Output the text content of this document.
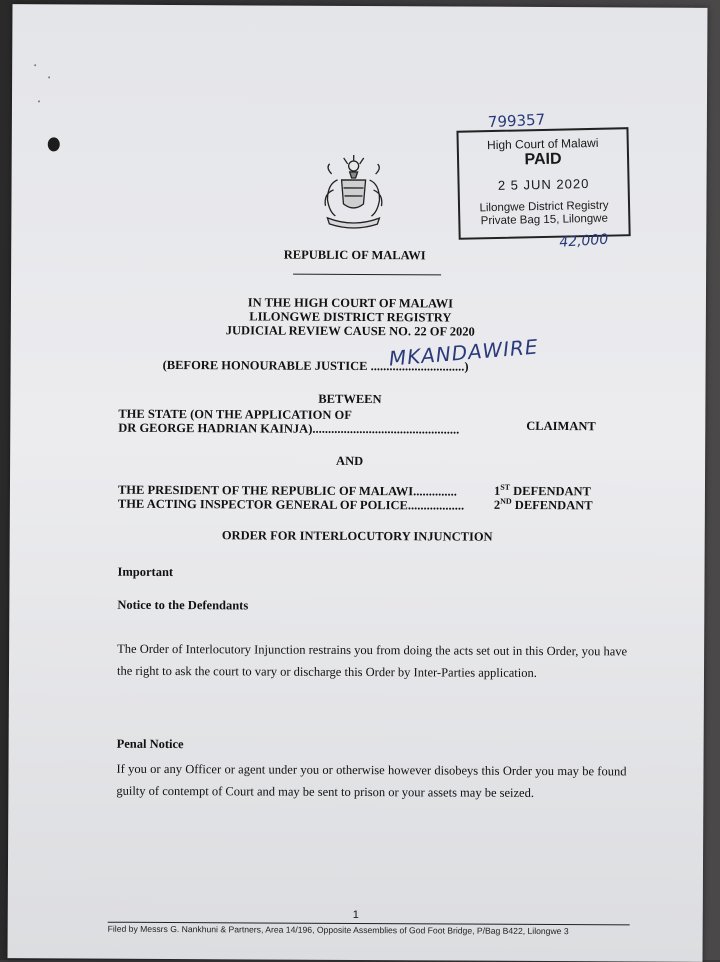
799357
High Court of Malawi
PAID
2 5 JUN 2020
Lilongwe District Registry
Private Bag 15, Lilongwe
42,000
REPUBLIC OF MALAWI
IN THE HIGH COURT OF MALAWI
LILONGWE DISTRICT REGISTRY
JUDICIAL REVIEW CAUSE NO. 22 OF 2020
(BEFORE HONOURABLE JUSTICE ..............................)
MKANDAWIRE
BETWEEN
THE STATE (ON THE APPLICATION OF
DR GEORGE HADRIAN KAINJA)...............................................	CLAIMANT
AND
THE PRESIDENT OF THE REPUBLIC OF MALAWI..............	1ST DEFENDANT
THE ACTING INSPECTOR GENERAL OF POLICE.................. 2ND DEFENDANT
ORDER FOR INTERLOCUTORY INJUNCTION
Important
Notice to the Defendants
The Order of Interlocutory Injunction restrains you from doing the acts set out in this Order, you have the right to ask the court to vary or discharge this Order by Inter-Parties application.
Penal Notice
If you or any Officer or agent under you or otherwise however disobeys this Order you may be found guilty of contempt of Court and may be sent to prison or your assets may be seized.
1
Filed by Messrs G. Nankhuni & Partners, Area 14/196, Opposite Assemblies of God Foot Bridge, P/Bag B422, Lilongwe 3
